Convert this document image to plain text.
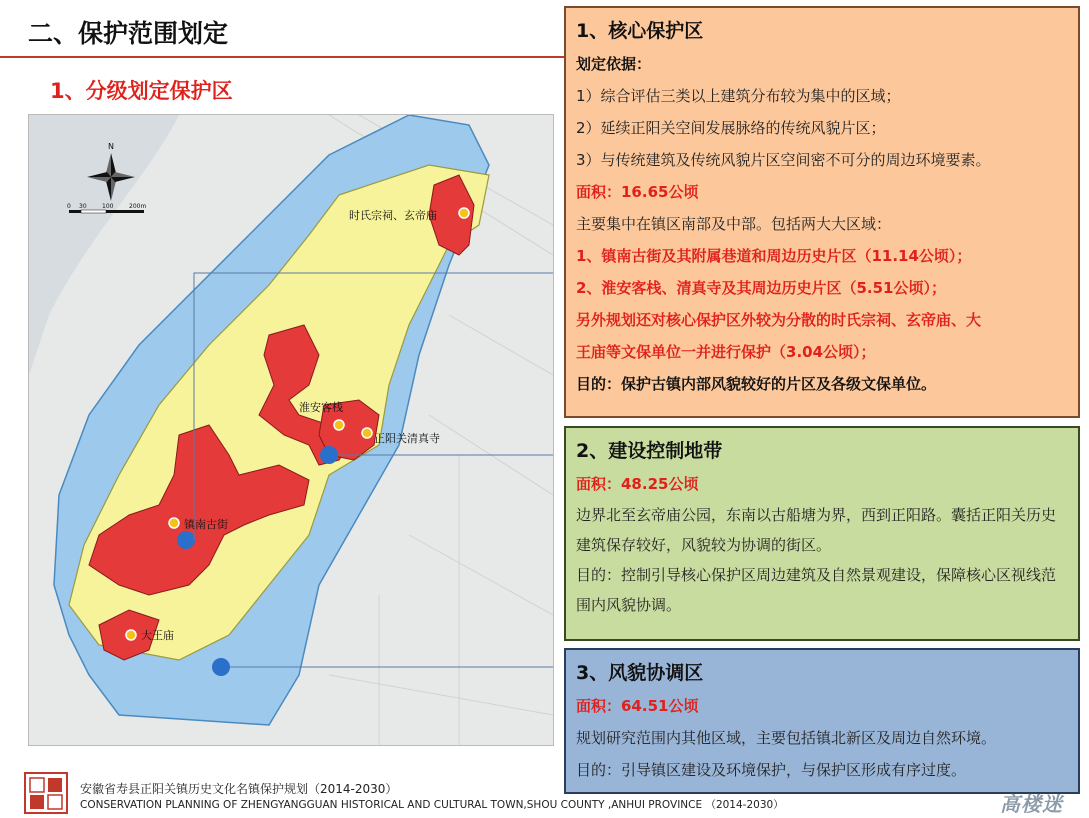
二、保护范围划定
1、分级划定保护区
N
0 30	100	200m
时氏宗祠、玄帝庙
淮安客栈
正阳关清真寺
镇南古街
大王庙

1、核心保护区

划定依据：

1）综合评估三类以上建筑分布较为集中的区域；

2）延续正阳关空间发展脉络的传统风貌片区；

3）与传统建筑及传统风貌片区空间密不可分的周边环境要素。

面积：16.65公顷

主要集中在镇区南部及中部。包括两大大区域：

1、镇南古街及其附属巷道和周边历史片区（11.14公顷）；

2、淮安客栈、清真寺及其周边历史片区（5.51公顷）；

另外规划还对核心保护区外较为分散的时氏宗祠、玄帝庙、大

王庙等文保单位一并进行保护（3.04公顷）；

目的：保护古镇内部风貌较好的片区及各级文保单位。

2、建设控制地带

面积：48.25公顷

边界北至玄帝庙公园，东南以古船塘为界，西到正阳路。囊括正阳关历史建筑保存较好，风貌较为协调的街区。

目的：控制引导核心保护区周边建筑及自然景观建设，保障核心区视线范围内风貌协调。

3、风貌协调区

面积：64.51公顷

规划研究范围内其他区域，主要包括镇北新区及周边自然环境。

目的：引导镇区建设及环境保护，与保护区形成有序过度。

安徽省寿县正阳关镇历史文化名镇保护规划（2014-2030）
CONSERVATION PLANNING OF ZHENGYANGGUAN HISTORICAL AND CULTURAL TOWN,SHOU COUNTY ,ANHUI PROVINCE （2014-2030）	高楼迷
